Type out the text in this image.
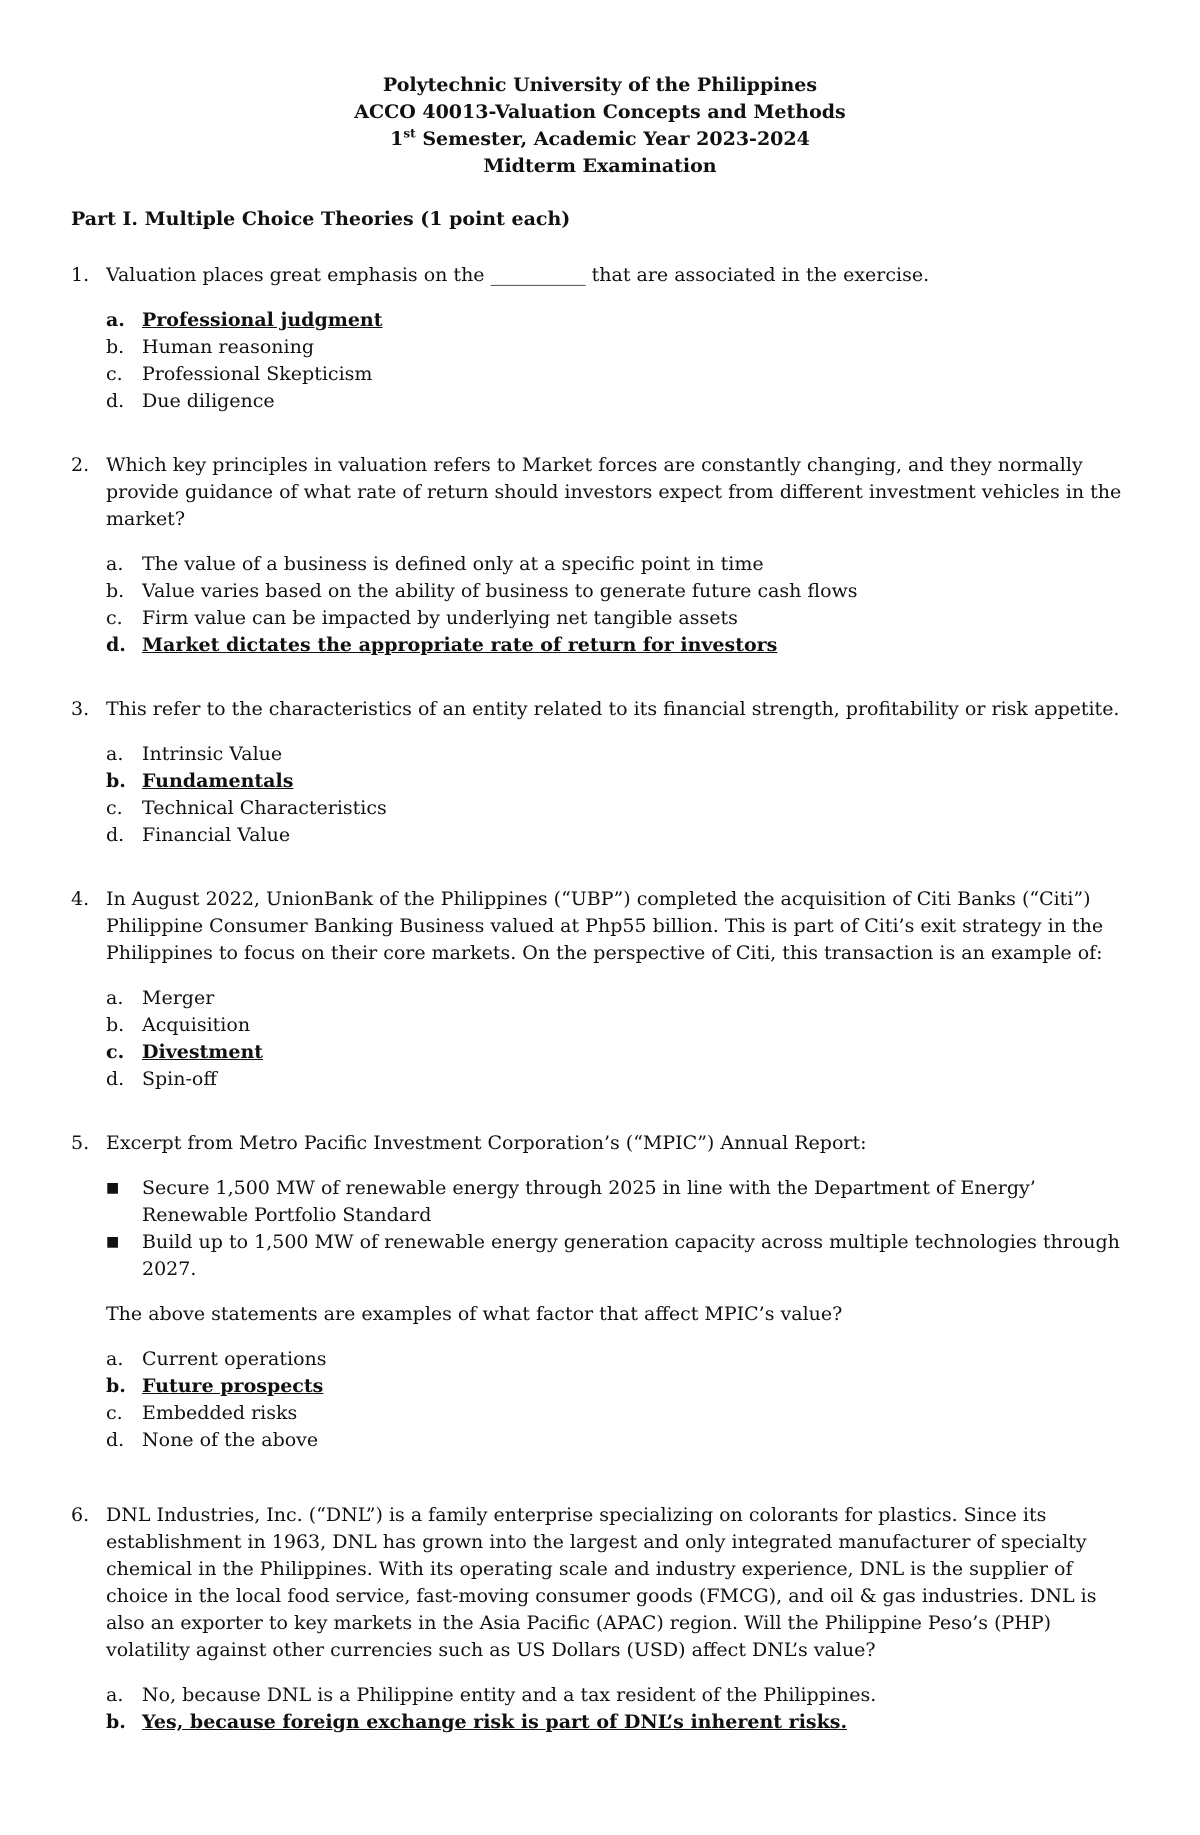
Polytechnic University of the Philippines
ACCO 40013-Valuation Concepts and Methods
1st Semester, Academic Year 2023-2024
Midterm Examination
Part I. Multiple Choice Theories (1 point each)
1. Valuation places great emphasis on the __________ that are associated in the exercise.
a. Professional judgment
b. Human reasoning
c.	Professional Skepticism
d. Due diligence
2. Which key principles in valuation refers to Market forces are constantly changing, and they normally provide guidance of what rate of return should investors expect from different investment vehicles in the market?
a. The value of a business is defined only at a specific point in time
b. Value varies based on the ability of business to generate future cash flows
c.	Firm value can be impacted by underlying net tangible assets
d. Market dictates the appropriate rate of return for investors
3. This refer to the characteristics of an entity related to its financial strength, profitability or risk appetite.
a. Intrinsic Value
b. Fundamentals
c.	Technical Characteristics
d. Financial Value
4. In August 2022, UnionBank of the Philippines (“UBP”) completed the acquisition of Citi Banks (“Citi”) Philippine Consumer Banking Business valued at Php55 billion. This is part of Citi’s exit strategy in the Philippines to focus on their core markets. On the perspective of Citi, this transaction is an example of:
a. Merger
b. Acquisition
c. Divestment
d. Spin-off
5. Excerpt from Metro Pacific Investment Corporation’s (“MPIC”) Annual Report:
■	Secure 1,500 MW of renewable energy through 2025 in line with the Department of Energy’ Renewable Portfolio Standard
■	Build up to 1,500 MW of renewable energy generation capacity across multiple technologies through 2027.
The above statements are examples of what factor that affect MPIC’s value?
a. Current operations
b. Future prospects
c.	Embedded risks
d. None of the above
6. DNL Industries, Inc. (“DNL”) is a family enterprise specializing on colorants for plastics. Since its establishment in 1963, DNL has grown into the largest and only integrated manufacturer of specialty chemical in the Philippines. With its operating scale and industry experience, DNL is the supplier of choice in the local food service, fast-moving consumer goods (FMCG), and oil & gas industries. DNL is also an exporter to key markets in the Asia Pacific (APAC) region. Will the Philippine Peso’s (PHP) volatility against other currencies such as US Dollars (USD) affect DNL’s value?
a. No, because DNL is a Philippine entity and a tax resident of the Philippines.
b. Yes, because foreign exchange risk is part of DNL’s inherent risks.
